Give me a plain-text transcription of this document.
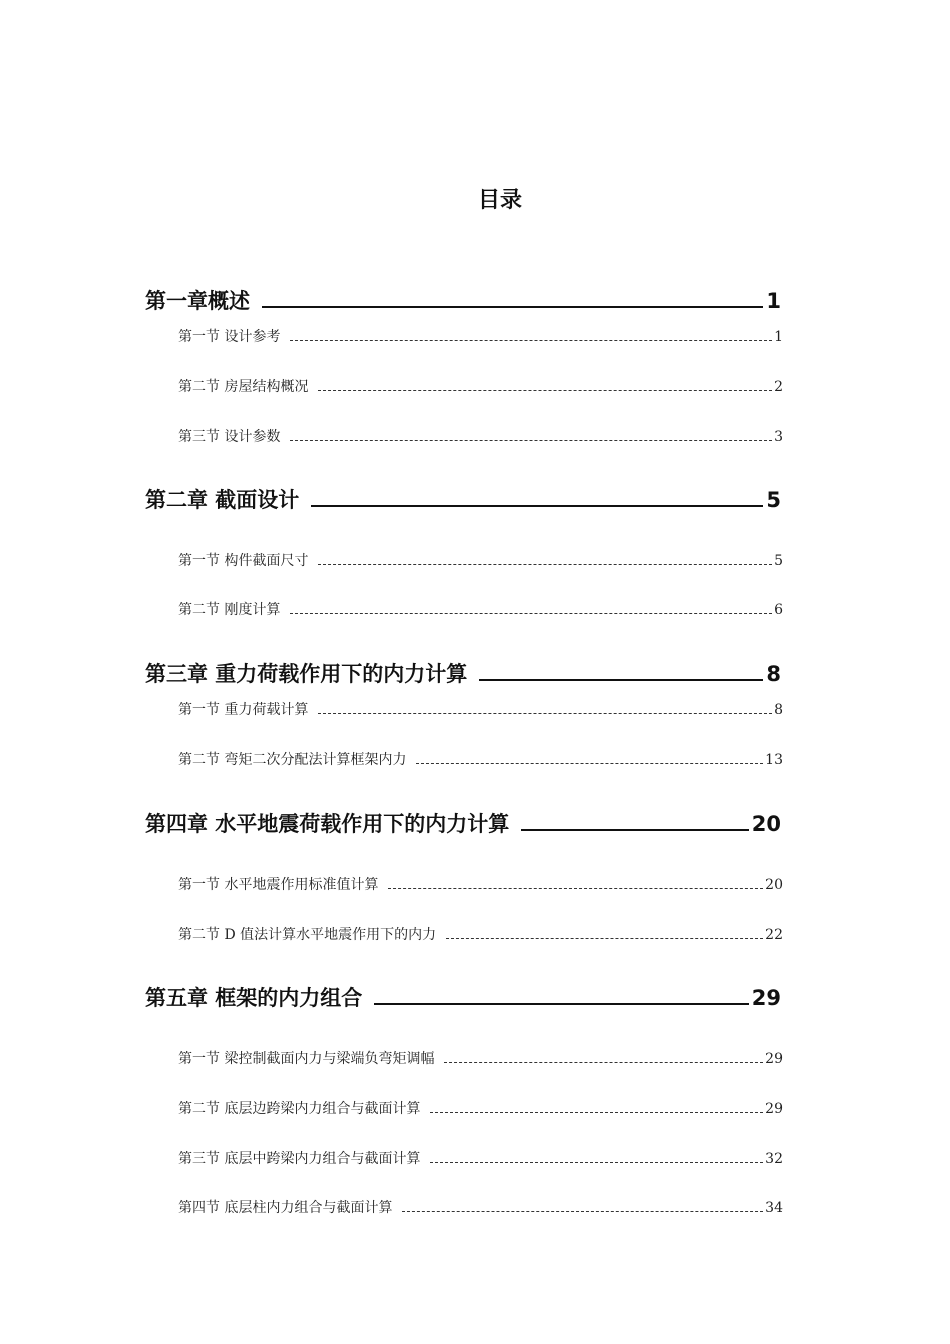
目录
第一章概述	1
第一节 设计参考	1
第二节 房屋结构概况	2
第三节 设计参数	3
第二章 截面设计	5
第一节 构件截面尺寸	5
第二节 刚度计算	6
第三章 重力荷载作用下的内力计算	8
第一节 重力荷载计算	8
第二节 弯矩二次分配法计算框架内力	13
第四章 水平地震荷载作用下的内力计算	20
第一节 水平地震作用标准值计算	20
第二节 D 值法计算水平地震作用下的内力	22
第五章 框架的内力组合	29
第一节 梁控制截面内力与梁端负弯矩调幅	29
第二节 底层边跨梁内力组合与截面计算	29
第三节 底层中跨梁内力组合与截面计算	32
第四节 底层柱内力组合与截面计算	34
